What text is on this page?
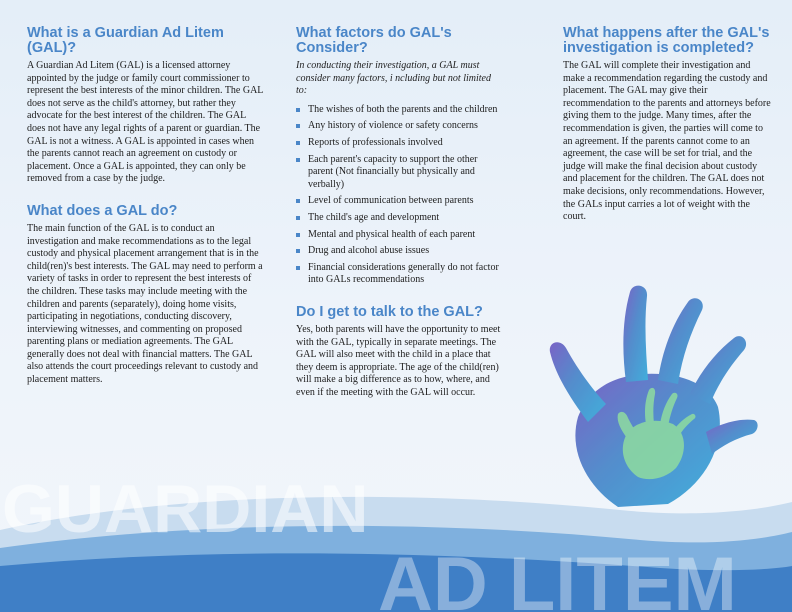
What is a Guardian Ad Litem (GAL)?

A Guardian Ad Litem (GAL) is a licensed attorney appointed by the judge or family court commissioner to represent the best interests of the minor children. The GAL does not serve as the child's attorney, but rather they advocate for the best interest of the children. The GAL does not have any legal rights of a parent or guardian. The GAL is not a witness. A GAL is appointed in cases when the parents cannot reach an agreement on custody or placement. Once a GAL is appointed, they can only be removed from a case by the judge.

What does a GAL do?

The main function of the GAL is to conduct an investigation and make recommendations as to the legal custody and physical placement arrangement that is in the child(ren)'s best interests. The GAL may need to perform a variety of tasks in order to represent the best interests of the children. These tasks may include meeting with the children and parents (separately), doing home visits, participating in negotiations, conducting discovery, interviewing witnesses, and commenting on proposed parenting plans or mediation agreements. The GAL generally does not deal with financial matters. The GAL also attends the court proceedings relevant to custody and placement matters.

What factors do GAL's Consider?

In conducting their investigation, a GAL must consider many factors, i ncluding but not limited to:

The wishes of both the parents and the children
Any history of violence or safety concerns
Reports of professionals involved
Each parent's capacity to support the other parent (Not financially but physically and verbally)
Level of communication between parents
The child's age and development
Mental and physical health of each parent
Drug and alcohol abuse issues
Financial considerations generally do not factor into GALs recommendations
Do I get to talk to the GAL?

Yes, both parents will have the opportunity to meet with the GAL, typically in separate meetings. The GAL will also meet with the child in a place that they deem is appropriate. The age of the child(ren) will make a big difference as to how, where, and even if the meeting with the GAL will occur.

What happens after the GAL's investigation is completed?

The GAL will complete their investigation and make a recommendation regarding the custody and placement. The GAL may give their recommendation to the parents and attorneys before giving them to the judge. Many times, after the recommendation is given, the parties will come to an agreement. If the parents cannot come to an agreement, the case will be set for trial, and the judge will make the final decision about custody and placement for the children. The GAL does not make decisions, only recommendations. However, the GALs input carries a lot of weight with the court.

GUARDIAN
AD LITEM
